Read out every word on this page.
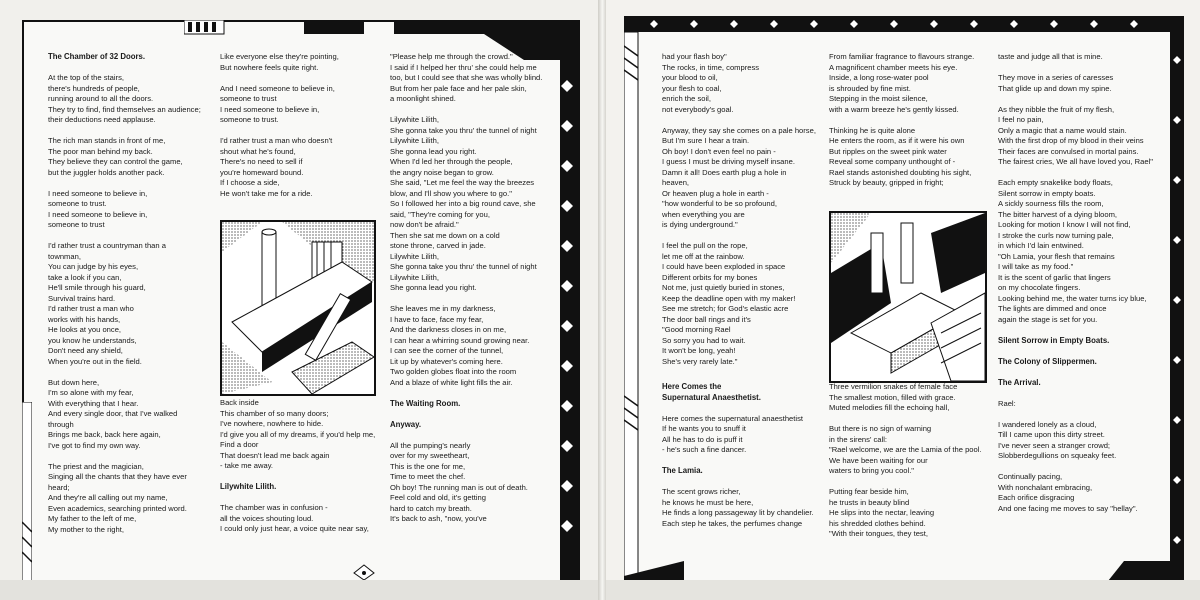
The Chamber of 32 Doors.

At the top of the stairs,
there's hundreds of people,
running around to all the doors.
They try to find, find themselves an audience;
their deductions need applause.

The rich man stands in front of me,
The poor man behind my back.
They believe they can control the game,
but the juggler holds another pack.

I need someone to believe in,
someone to trust.
I need someone to believe in,
someone to trust

I'd rather trust a countryman than a
townman,
You can judge by his eyes,
take a look if you can,
He'll smile through his guard,
Survival trains hard.
I'd rather trust a man who
works with his hands,
He looks at you once,
you know he understands,
Don't need any shield,
When you're out in the field.

But down here,
I'm so alone with my fear,
With everything that I hear.
And every single door, that I've walked
through
Brings me back, back here again,
I've got to find my own way.

The priest and the magician,
Singing all the chants that they have ever
heard;
And they're all calling out my name,
Even academics, searching printed word.
My father to the left of me,
My mother to the right,

Like everyone else they're pointing,
But nowhere feels quite right.

And I need someone to believe in,
someone to trust
I need someone to believe in,
someone to trust.

I'd rather trust a man who doesn't
shout what he's found,
There's no need to sell if
you're homeward bound.
If I choose a side,
He won't take me for a ride.

Back inside
This chamber of so many doors;
I've nowhere, nowhere to hide.
I'd give you all of my dreams, if you'd help me,
Find a door
That doesn't lead me back again
- take me away.

Lilywhite Lilith.

The chamber was in confusion -
all the voices shouting loud.
I could only just hear, a voice quite near say,

"Please help me through the crowd."
I said if I helped her thru' she could help me
too, but I could see that she was wholly blind.
But from her pale face and her pale skin,
a moonlight shined.

Lilywhite Lilith,
She gonna take you thru' the tunnel of night
Lilywhite Lilith,
She gonna lead you right.
When I'd led her through the people,
the angry noise began to grow.
She said, "Let me feel the way the breezes
blow, and I'll show you where to go."
So I followed her into a big round cave, she
said, "They're coming for you,
now don't be afraid."
Then she sat me down on a cold
stone throne, carved in jade.
Lilywhite Lilith,
She gonna take you thru' the tunnel of night
Lilywhite Lilith,
She gonna lead you right.

She leaves me in my darkness,
I have to face, face my fear,
And the darkness closes in on me,
I can hear a whirring sound growing near.
I can see the corner of the tunnel,
Lit up by whatever's coming here.
Two golden globes float into the room
And a blaze of white light fills the air.

The Waiting Room.
Anyway.

All the pumping's nearly
over for my sweetheart,
This is the one for me,
Time to meet the chef.
Oh boy! The running man is out of death.
Feel cold and old, it's getting
hard to catch my breath.
It's back to ash, "now, you've

had your flash boy"
The rocks, in time, compress
your blood to oil,
your flesh to coal,
enrich the soil,
not everybody's goal.

Anyway, they say she comes on a pale horse,
But I'm sure I hear a train.
Oh boy! I don't even feel no pain -
I guess I must be driving myself insane.
Damn it all! Does earth plug a hole in
heaven,
Or heaven plug a hole in earth -
"how wonderful to be so profound,
when everything you are
is dying underground."

I feel the pull on the rope,
let me off at the rainbow.
I could have been exploded in space
Different orbits for my bones
Not me, just quietly buried in stones,
Keep the deadline open with my maker!
See me stretch; for God's elastic acre
The door ball rings and it's
"Good morning Rael
So sorry you had to wait.
It won't be long, yeah!
She's very rarely late."

Here Comes the
Supernatural Anaesthetist.

Here comes the supernatural anaesthetist
If he wants you to snuff it
All he has to do is puff it
- he's such a fine dancer.

The Lamia.

The scent grows richer,
he knows he must be here,
He finds a long passageway lit by chandelier.
Each step he takes, the perfumes change

From familiar fragrance to flavours strange.
A magnificent chamber meets his eye.
Inside, a long rose-water pool
is shrouded by fine mist.
Stepping in the moist silence,
with a warm breeze he's gently kissed.

Thinking he is quite alone
He enters the room, as if it were his own
But ripples on the sweet pink water
Reveal some company unthought of -
Rael stands astonished doubting his sight,
Struck by beauty, gripped in fright;

Three vermilion snakes of female face
The smallest motion, filled with grace.
Muted melodies fill the echoing hall,

But there is no sign of warning
in the sirens' call:
"Rael welcome, we are the Lamia of the pool.
We have been waiting for our
waters to bring you cool."

Putting fear beside him,
he trusts in beauty blind
He slips into the nectar, leaving
his shredded clothes behind.
"With their tongues, they test,

taste and judge all that is mine.

They move in a series of caresses
That glide up and down my spine.

As they nibble the fruit of my flesh,
I feel no pain,
Only a magic that a name would stain.
With the first drop of my blood in their veins
Their faces are convulsed in mortal pains.
The fairest cries, We all have loved you, Rael"

Each empty snakelike body floats,
Silent sorrow in empty boats.
A sickly sourness fills the room,
The bitter harvest of a dying bloom,
Looking for motion I know I will not find,
I stroke the curls now turning pale,
in which I'd lain entwined.
"Oh Lamia, your flesh that remains
I will take as my food."
It is the scent of garlic that lingers
on my chocolate fingers.
Looking behind me, the water turns icy blue,
The lights are dimmed and once
again the stage is set for you.

Silent Sorrow in Empty Boats.
The Colony of Slippermen.
The Arrival.

Rael:

I wandered lonely as a cloud,
Till I came upon this dirty street.
I've never seen a stranger crowd;
Slobberdegullions on squeaky feet.

Continually pacing,
With nonchalant embracing,
Each orifice disgracing
And one facing me moves to say "hellay".
